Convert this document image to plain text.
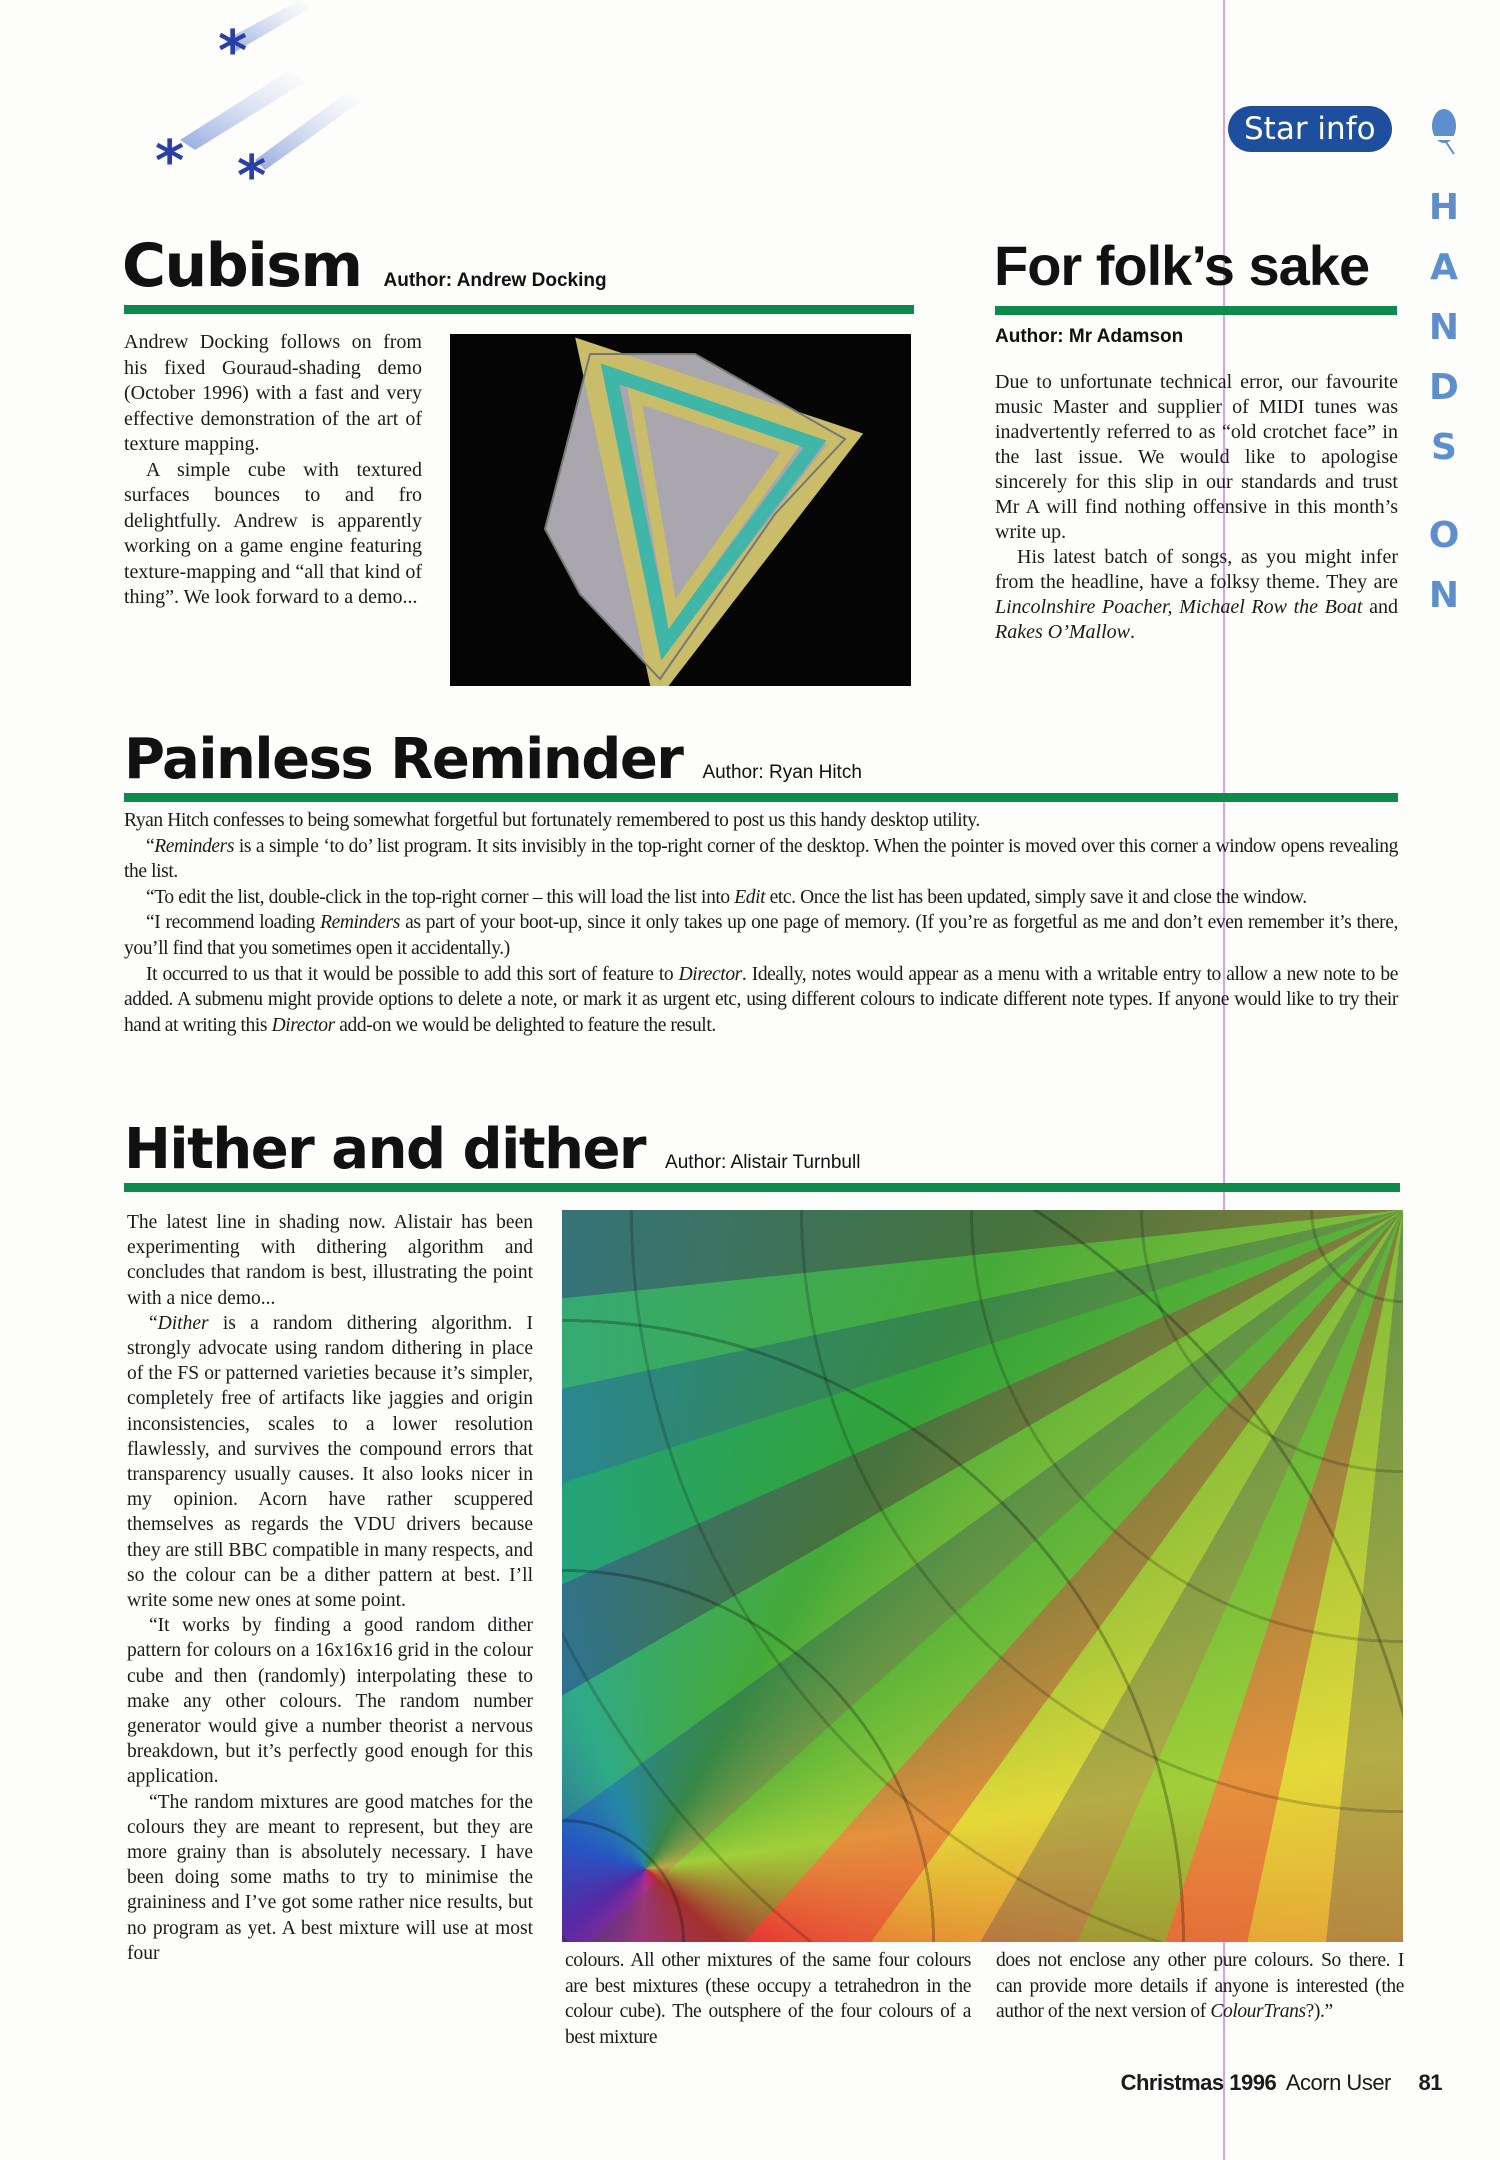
*
* *
Star info
H
A
N
D
S
O
N
Cubism Author: Andrew Docking

Andrew Docking follows on from his fixed Gouraud-shading demo (October 1996) with a fast and very effective demonstration of the art of texture mapping.

A simple cube with textured surfaces bounces to and fro delightfully. Andrew is apparently working on a game engine featuring texture-mapping and “all that kind of thing”. We look forward to a demo...

For folk’s sake
Author: Mr Adamson

Due to unfortunate technical error, our favourite music Master and supplier of MIDI tunes was inadvertently referred to as “old crotchet face” in the last issue. We would like to apologise sincerely for this slip in our standards and trust Mr A will find nothing offensive in this month’s write up.

His latest batch of songs, as you might infer from the headline, have a folksy theme. They are Lincolnshire Poacher, Michael Row the Boat and Rakes O’Mallow.

Painless Reminder Author: Ryan Hitch

Ryan Hitch confesses to being somewhat forgetful but fortunately remembered to post us this handy desktop utility.

“Reminders is a simple ‘to do’ list program. It sits invisibly in the top-right corner of the desktop. When the pointer is moved over this corner a window opens revealing the list.

“To edit the list, double-click in the top-right corner – this will load the list into Edit etc. Once the list has been updated, simply save it and close the window.

“I recommend loading Reminders as part of your boot-up, since it only takes up one page of memory. (If you’re as forgetful as me and don’t even remember it’s there, you’ll find that you sometimes open it accidentally.)

It occurred to us that it would be possible to add this sort of feature to Director. Ideally, notes would appear as a menu with a writable entry to allow a new note to be added. A submenu might provide options to delete a note, or mark it as urgent etc, using different colours to indicate different note types. If anyone would like to try their hand at writing this Director add-on we would be delighted to feature the result.

Hither and dither Author: Alistair Turnbull

The latest line in shading now. Alistair has been experimenting with dithering algorithm and concludes that random is best, illustrating the point with a nice demo...

“Dither is a random dithering algorithm. I strongly advocate using random dithering in place of the FS or patterned varieties because it’s simpler, completely free of artifacts like jaggies and origin inconsistencies, scales to a lower resolution flawlessly, and survives the compound errors that transparency usually causes. It also looks nicer in my opinion. Acorn have rather scuppered themselves as regards the VDU drivers because they are still BBC compatible in many respects, and so the colour can be a dither pattern at best. I’ll write some new ones at some point.

“It works by finding a good random dither pattern for colours on a 16x16x16 grid in the colour cube and then (randomly) interpolating these to make any other colours. The random number generator would give a number theorist a nervous breakdown, but it’s perfectly good enough for this application.

“The random mixtures are good matches for the colours they are meant to represent, but they are more grainy than is absolutely necessary. I have been doing some maths to try to minimise the graininess and I’ve got some rather nice results, but no program as yet. A best mixture will use at most four	colours. All other mixtures of the same four colours are best mixtures (these occupy a tetrahedron in the colour cube). The outsphere of the four colours of a best mixture

does not enclose any other pure colours. So there. I can provide more details if anyone is interested (the author of the next version of ColourTrans?).”

Christmas 1996 Acorn User 81
